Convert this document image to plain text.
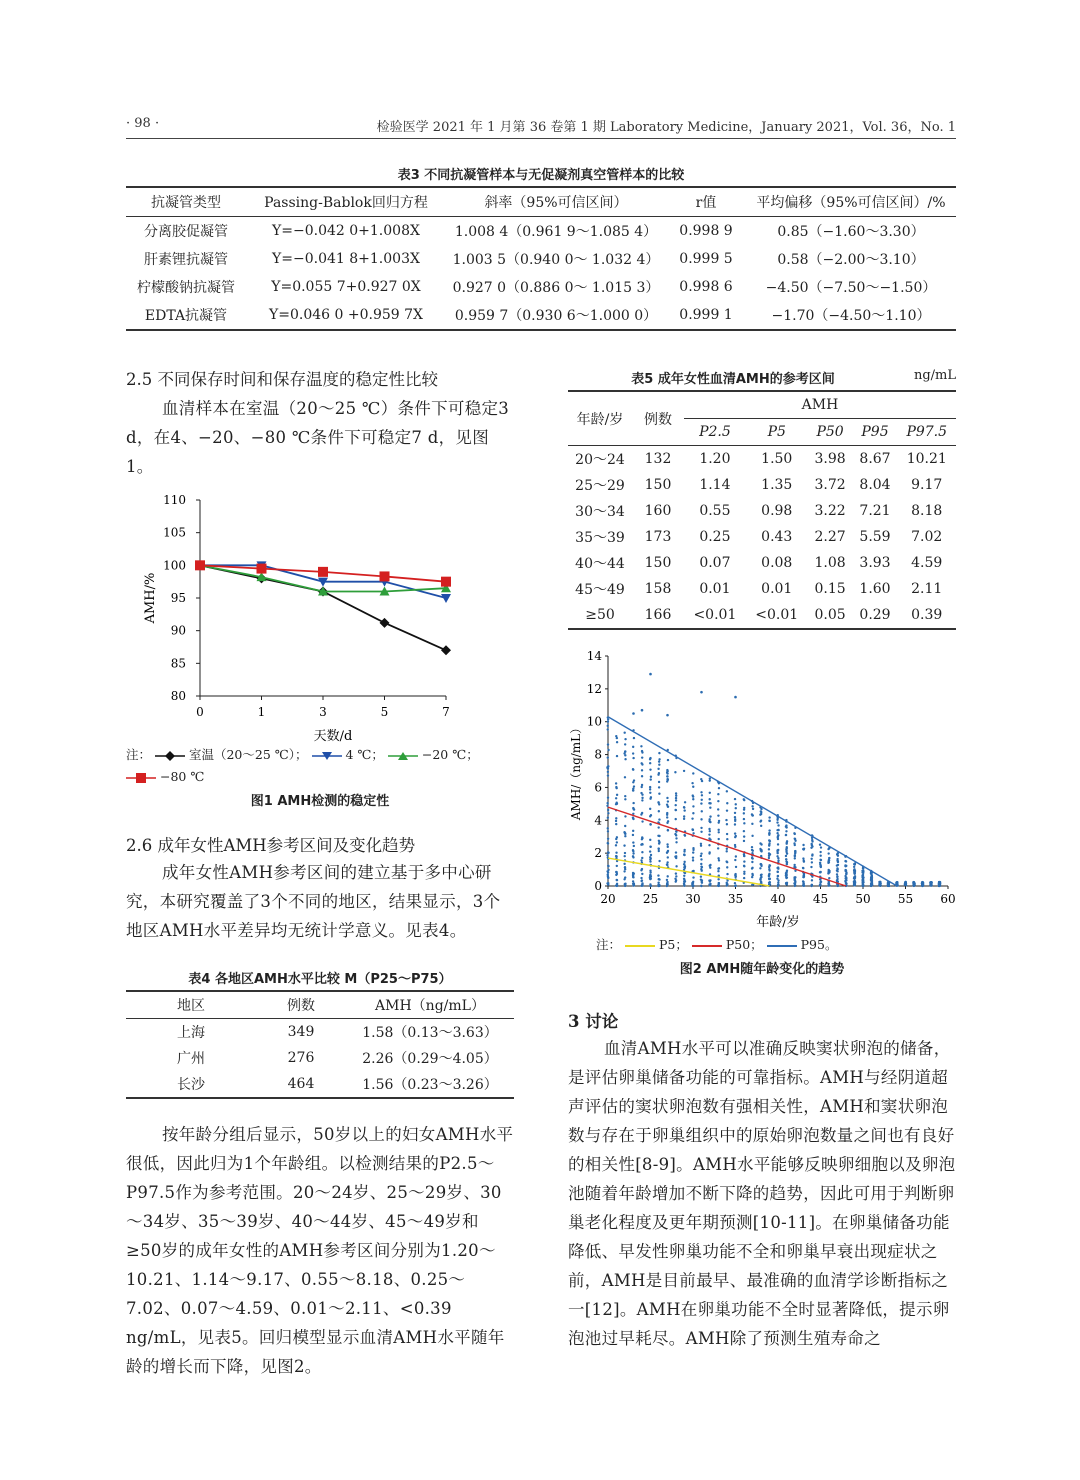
· 98 ·	检验医学 2021 年 1 月第 36 卷第 1 期 Laboratory Medicine，January 2021，Vol. 36，No. 1
表3 不同抗凝管样本与无促凝剂真空管样本的比较
抗凝管类型	Passing-Bablok回归方程	斜率（95%可信区间）	r值	平均偏移（95%可信区间）/%
分离胶促凝管	Y=−0.042 0+1.008X	1.008 4（0.961 9～1.085 4）	0.998 9	0.85（−1.60～3.30）
肝素锂抗凝管	Y=−0.041 8+1.003X	1.003 5（0.940 0～ 1.032 4）	0.999 5	0.58（−2.00～3.10）
柠檬酸钠抗凝管	Y=0.055 7+0.927 0X	0.927 0（0.886 0～ 1.015 3）	0.998 6	−4.50（−7.50～−1.50）
EDTA抗凝管	Y=0.046 0 +0.959 7X	0.959 7（0.930 6～1.000 0）	0.999 1	−1.70（−4.50～1.10）
2.5 不同保存时间和保存温度的稳定性比较
血清样本在室温（20～25 ℃）条件下可稳定3 d，在4、−20、−80 ℃条件下可稳定7 d，见图1。
80
85
90
95
100
105
110
0	1	3	5	7
天数/d
AMH/%
注：	室温（20～25 ℃）；	4 ℃；	−20 ℃；
−80 ℃
图1 AMH检测的稳定性
2.6 成年女性AMH参考区间及变化趋势
成年女性AMH参考区间的建立基于多中心研究，本研究覆盖了3个不同的地区，结果显示，3个地区AMH水平差异均无统计学意义。见表4。
表4 各地区AMH水平比较 M（P25～P75）
地区	例数	AMH（ng/mL）
上海	349	1.58（0.13～3.63）
广州	276	2.26（0.29～4.05）
长沙	464	1.56（0.23～3.26）
按年龄分组后显示，50岁以上的妇女AMH水平很低，因此归为1个年龄组。以检测结果的P2.5～P97.5作为参考范围。20～24岁、25～29岁、30～34岁、35～39岁、40～44岁、45～49岁和≥50岁的成年女性的AMH参考区间分别为1.20～10.21、1.14～9.17、0.55～8.18、0.25～7.02、0.07～4.59、0.01～2.11、<0.39 ng/mL，见表5。回归模型显示血清AMH水平随年龄的增长而下降，见图2。
表5 成年女性血清AMH的参考区间	ng/mL
年龄/岁	例数	AMH				
		P2.5	P5	P50	P95	P97.5
20～24	132	1.20	1.50	3.98	8.67	10.21
25～29	150	1.14	1.35	3.72	8.04	9.17
30～34	160	0.55	0.98	3.22	7.21	8.18
35～39	173	0.25	0.43	2.27	5.59	7.02
40～44	150	0.07	0.08	1.08	3.93	4.59
45～49	158	0.01	0.01	0.15	1.60	2.11
≥50	166	<0.01	<0.01	0.05	0.29	0.39
0
2
4
6
8
10
12
14
20 25 30 35 40 45 50 55 60
年龄/岁
AMH/（ng/mL）
注：	P5；	P50；	P95。
图2 AMH随年龄变化的趋势
3 讨论
血清AMH水平可以准确反映窦状卵泡的储备，是评估卵巢储备功能的可靠指标。AMH与经阴道超声评估的窦状卵泡数有强相关性，AMH和窦状卵泡数与存在于卵巢组织中的原始卵泡数量之间也有良好的相关性[8-9]。AMH水平能够反映卵细胞以及卵泡池随着年龄增加不断下降的趋势，因此可用于判断卵巢老化程度及更年期预测[10-11]。在卵巢储备功能降低、早发性卵巢功能不全和卵巢早衰出现症状之前，AMH是目前最早、最准确的血清学诊断指标之一[12]。AMH在卵巢功能不全时显著降低，提示卵泡池过早耗尽。AMH除了预测生殖寿命之
